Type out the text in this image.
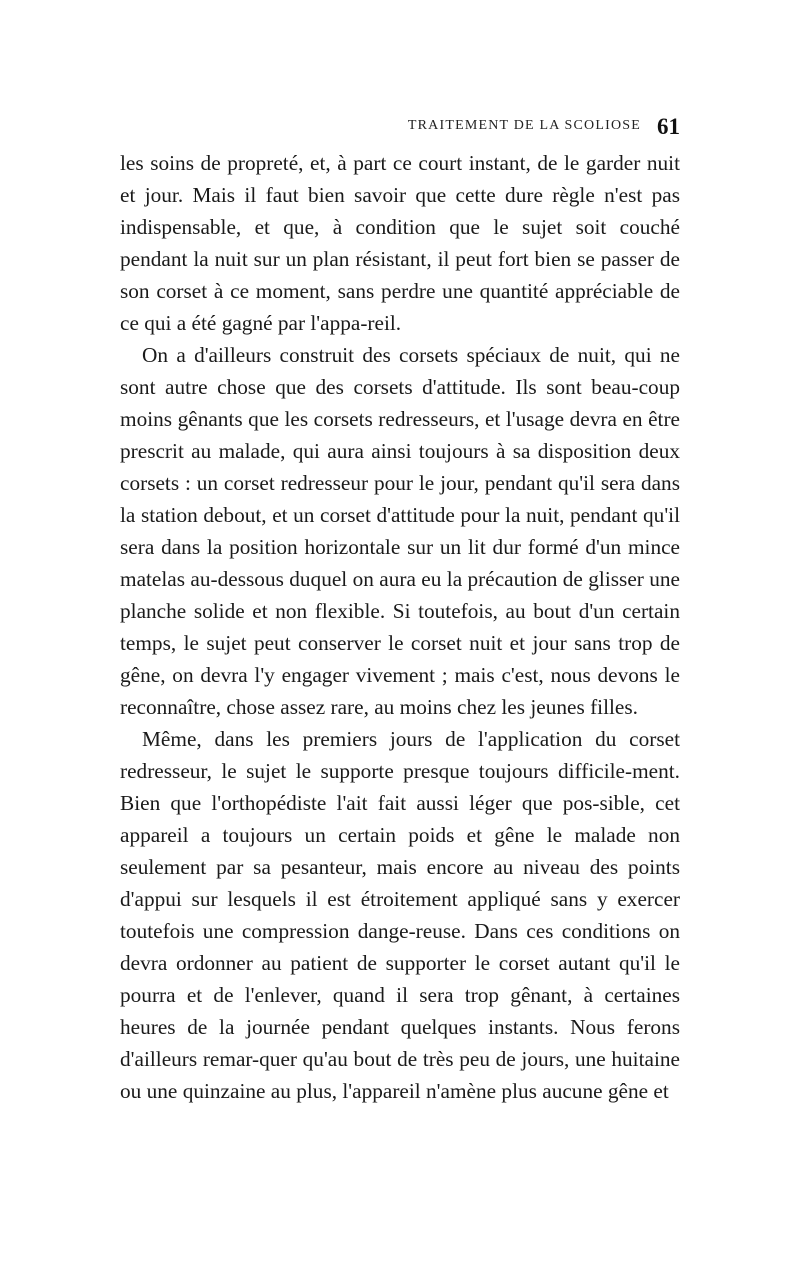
TRAITEMENT DE LA SCOLIOSE 61

les soins de propreté, et, à part ce court instant, de le garder nuit et jour. Mais il faut bien savoir que cette dure règle n'est pas indispensable, et que, à condition que le sujet soit couché pendant la nuit sur un plan résistant, il peut fort bien se passer de son corset à ce moment, sans perdre une quantité appréciable de ce qui a été gagné par l'appa-reil.

On a d'ailleurs construit des corsets spéciaux de nuit, qui ne sont autre chose que des corsets d'attitude. Ils sont beau-coup moins gênants que les corsets redresseurs, et l'usage devra en être prescrit au malade, qui aura ainsi toujours à sa disposition deux corsets : un corset redresseur pour le jour, pendant qu'il sera dans la station debout, et un corset d'attitude pour la nuit, pendant qu'il sera dans la position horizontale sur un lit dur formé d'un mince matelas au-dessous duquel on aura eu la précaution de glisser une planche solide et non flexible. Si toutefois, au bout d'un certain temps, le sujet peut conserver le corset nuit et jour sans trop de gêne, on devra l'y engager vivement ; mais c'est, nous devons le reconnaître, chose assez rare, au moins chez les jeunes filles.

Même, dans les premiers jours de l'application du corset redresseur, le sujet le supporte presque toujours difficile-ment. Bien que l'orthopédiste l'ait fait aussi léger que pos-sible, cet appareil a toujours un certain poids et gêne le malade non seulement par sa pesanteur, mais encore au niveau des points d'appui sur lesquels il est étroitement appliqué sans y exercer toutefois une compression dange-reuse. Dans ces conditions on devra ordonner au patient de supporter le corset autant qu'il le pourra et de l'enlever, quand il sera trop gênant, à certaines heures de la journée pendant quelques instants. Nous ferons d'ailleurs remar-quer qu'au bout de très peu de jours, une huitaine ou une quinzaine au plus, l'appareil n'amène plus aucune gêne et
